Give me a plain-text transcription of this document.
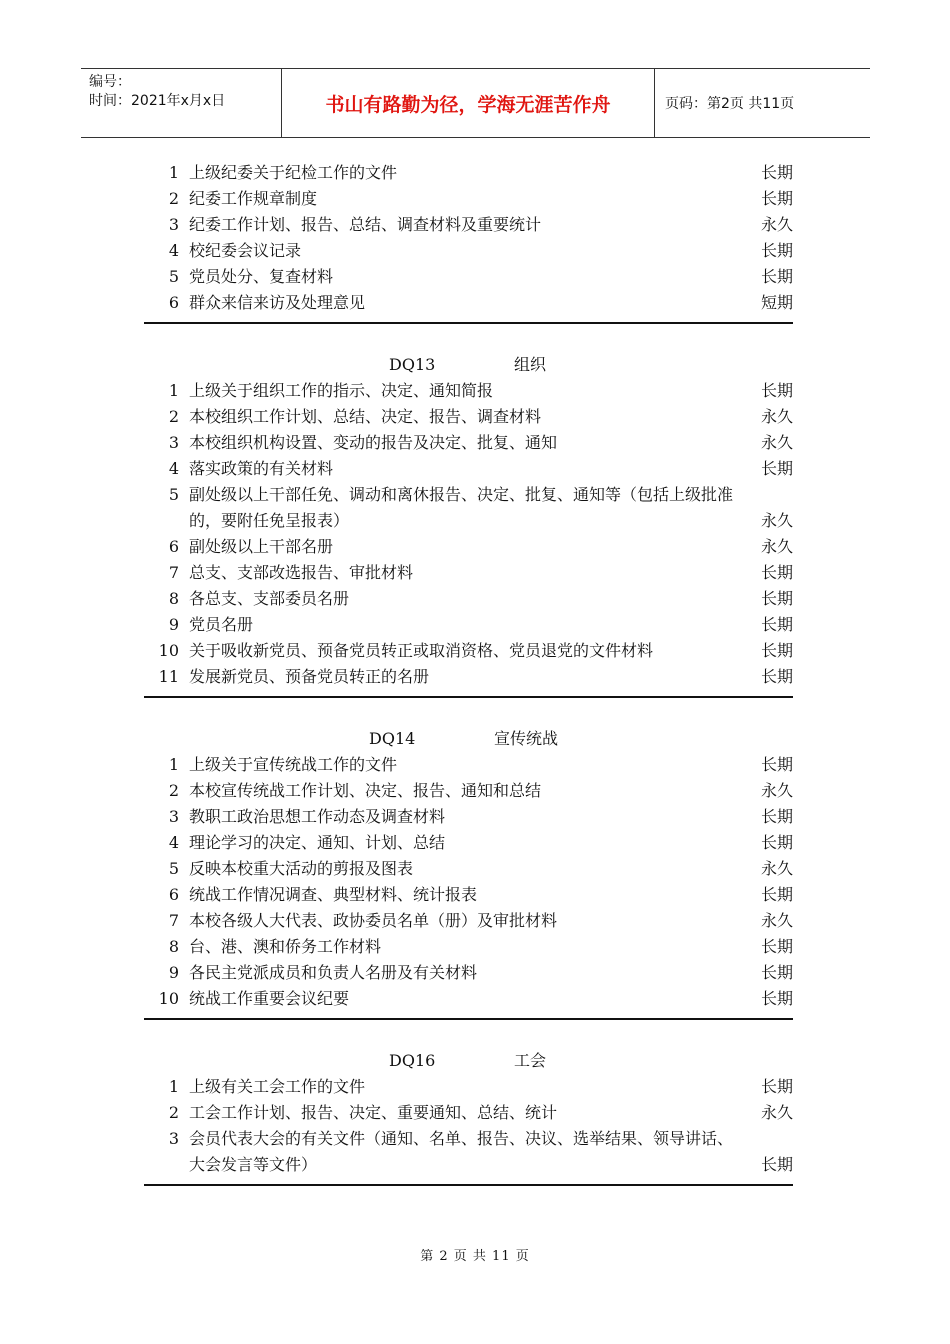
编号：
时间：2021年x月x日	书山有路勤为径，学海无涯苦作舟	页码：第2页 共11页
1 上级纪委关于纪检工作的文件	长期
2 纪委工作规章制度	长期
3 纪委工作计划、报告、总结、调查材料及重要统计	永久
4 校纪委会议记录	长期
5 党员处分、复查材料	长期
6 群众来信来访及处理意见	短期
DQ13	组织
1 上级关于组织工作的指示、决定、通知简报	长期
2 本校组织工作计划、总结、决定、报告、调查材料	永久
3 本校组织机构设置、变动的报告及决定、批复、通知	永久
4 落实政策的有关材料	长期
5 副处级以上干部任免、调动和离休报告、决定、批复、通知等（包括上级批准的，要附任免呈报表）	永久
6 副处级以上干部名册	永久
7 总支、支部改选报告、审批材料	长期
8 各总支、支部委员名册	长期
9 党员名册	长期
10 关于吸收新党员、预备党员转正或取消资格、党员退党的文件材料	长期
11 发展新党员、预备党员转正的名册	长期
DQ14	宣传统战
1 上级关于宣传统战工作的文件	长期
2 本校宣传统战工作计划、决定、报告、通知和总结	永久
3 教职工政治思想工作动态及调查材料	长期
4 理论学习的决定、通知、计划、总结	长期
5 反映本校重大活动的剪报及图表	永久
6 统战工作情况调查、典型材料、统计报表	长期
7 本校各级人大代表、政协委员名单（册）及审批材料	永久
8 台、港、澳和侨务工作材料	长期
9 各民主党派成员和负责人名册及有关材料	长期
10 统战工作重要会议纪要	长期
DQ16	工会
1 上级有关工会工作的文件	长期
2 工会工作计划、报告、决定、重要通知、总结、统计	永久
3 会员代表大会的有关文件（通知、名单、报告、决议、选举结果、领导讲话、大会发言等文件）	长期
第 2 页 共 11 页
